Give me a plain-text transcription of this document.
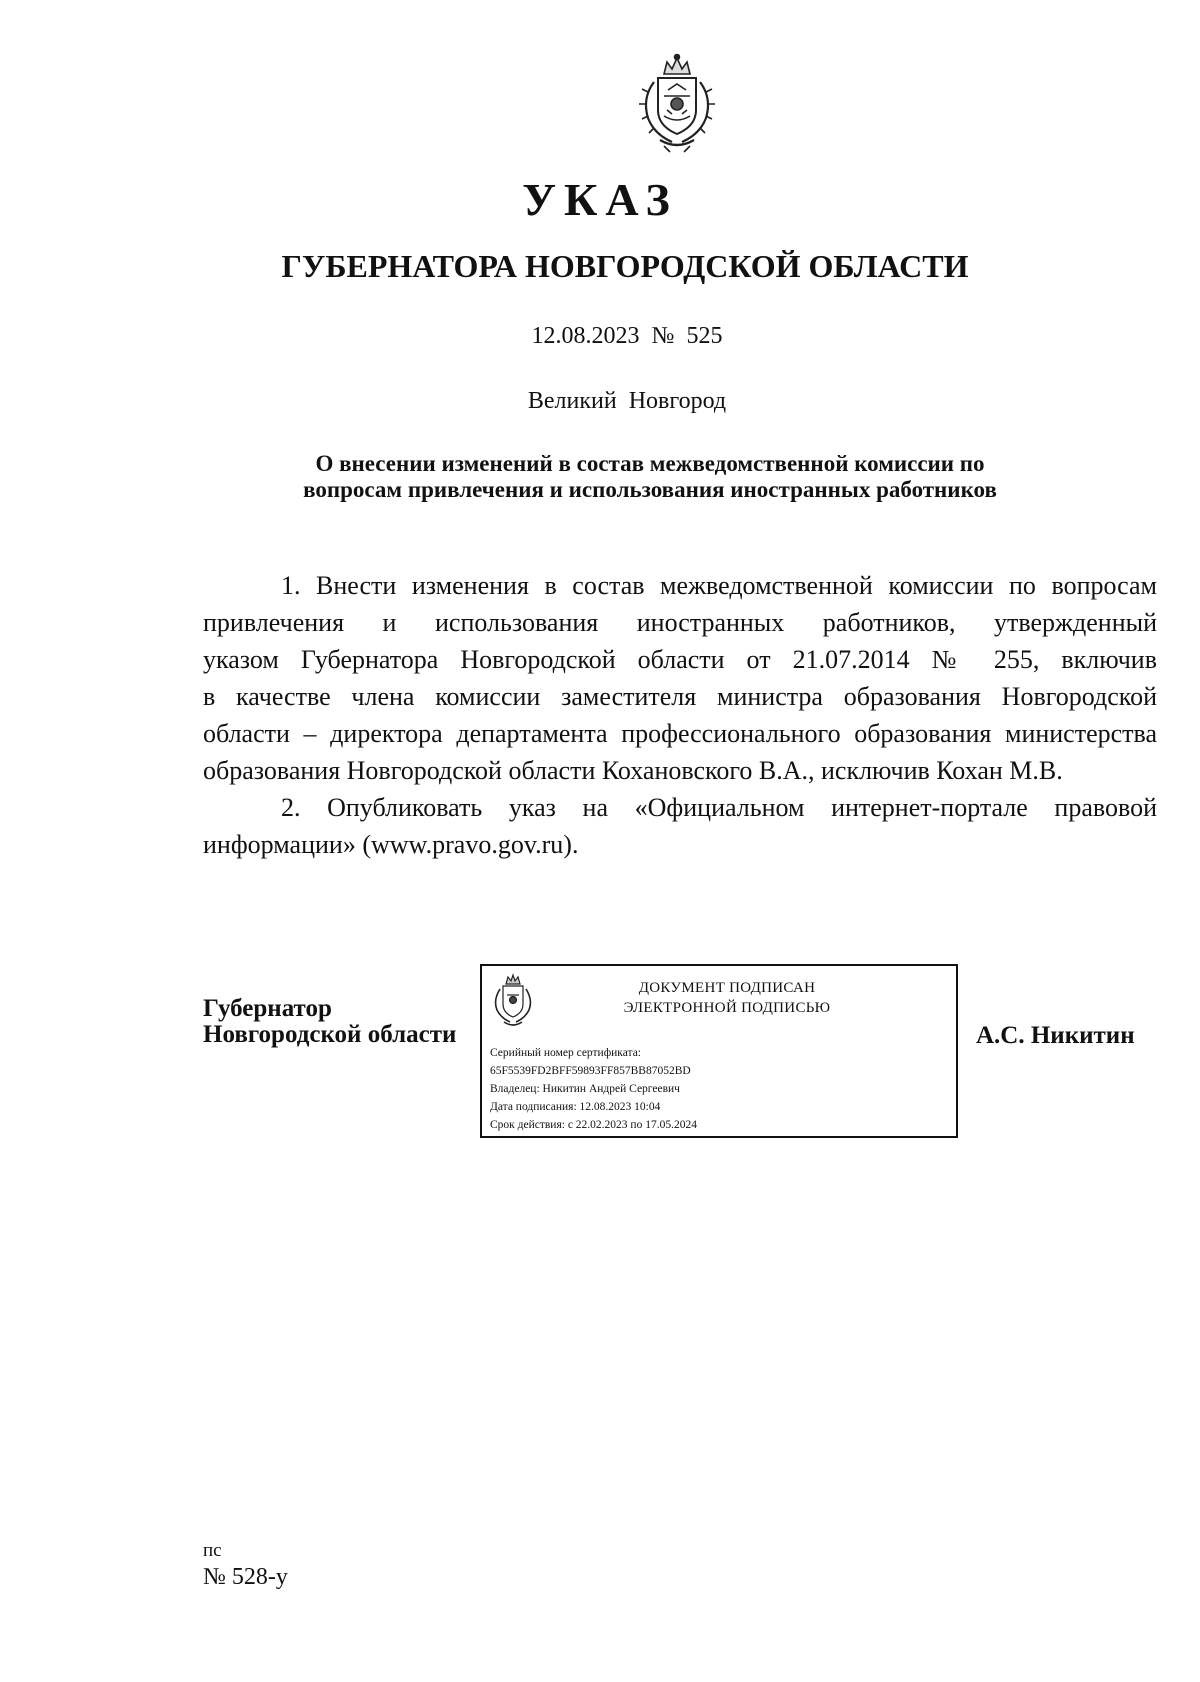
УКАЗ
ГУБЕРНАТОРА НОВГОРОДСКОЙ ОБЛАСТИ
12.08.2023  №  525
Великий  Новгород
О внесении изменений в состав межведомственной комиссии по
вопросам привлечения и использования иностранных работников
1. Внести изменения в состав межведомственной комиссии по вопросам
привлечения и использования иностранных работников, утвержденный
указом Губернатора Новгородской области от 21.07.2014 № 255, включив
в качестве члена комиссии заместителя министра образования Новгородской
области – директора департамента профессионального образования министерства
образования Новгородской области Кохановского В.А., исключив Кохан М.В.
2. Опубликовать указ на «Официальном интернет-портале правовой
информации» (www.pravo.gov.ru).
Губернатор
Новгородской области
ДОКУМЕНТ ПОДПИСАН
ЭЛЕКТРОННОЙ ПОДПИСЬЮ
Серийный номер сертификата:
65F5539FD2BFF59893FF857BB87052BD
Владелец: Никитин Андрей Сергеевич
Дата подписания: 12.08.2023 10:04
Срок действия: с 22.02.2023 по 17.05.2024
А.С. Никитин
пс
№ 528-у
